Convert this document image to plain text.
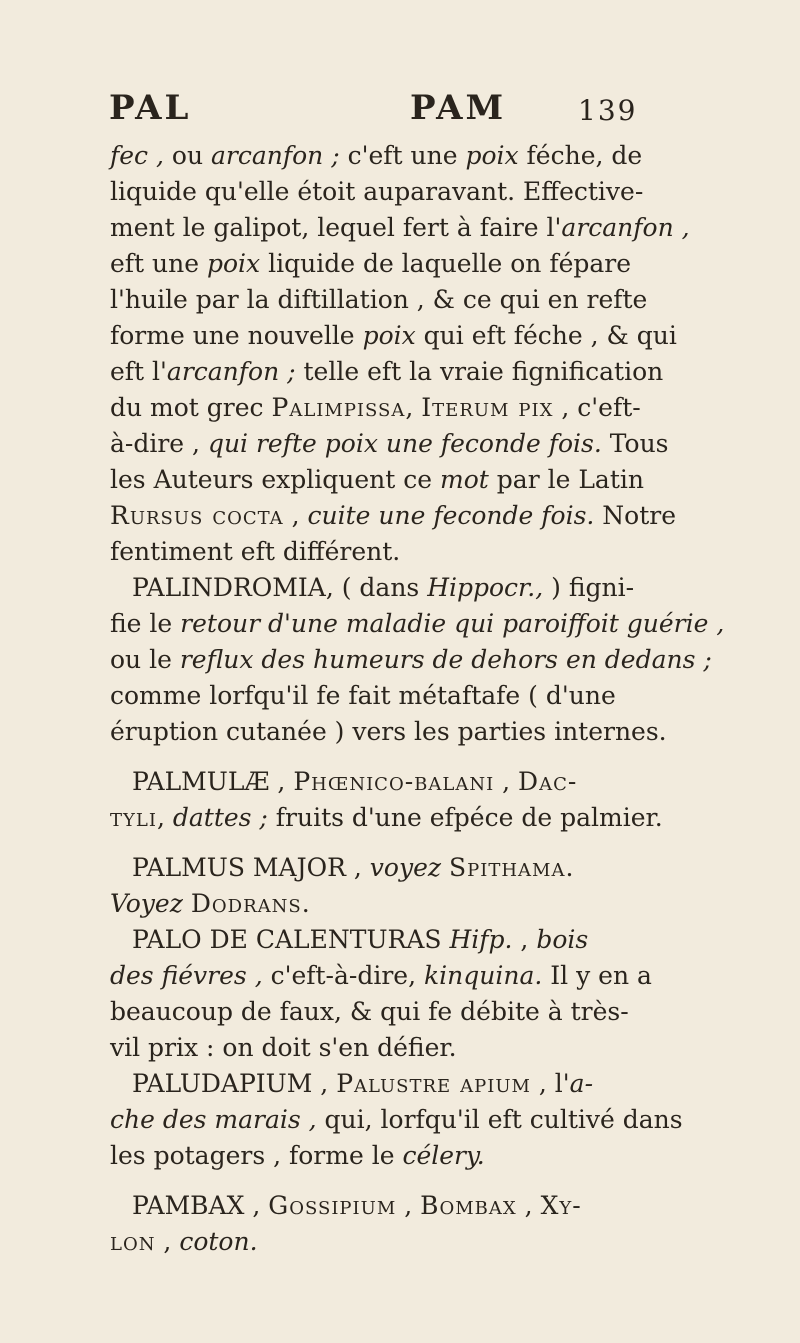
PAL	PAM	139
fec , ou arcanfon ; c'eft une poix féche, de
liquide qu'elle étoit auparavant. Effective-
ment le galipot, lequel fert à faire l'arcanfon ,
eft une poix liquide de laquelle on fépare
l'huile par la diftillation , & ce qui en refte
forme une nouvelle poix qui eft féche , & qui
eft l'arcanfon ; telle eft la vraie fignification
du mot grec Palimpissa, Iterum pix , c'eft-
à-dire , qui refte poix une feconde fois. Tous
les Auteurs expliquent ce mot par le Latin
Rursus cocta , cuite une feconde fois. Notre
fentiment eft différent.
PALINDROMIA, ( dans Hippocr., ) figni-
fie le retour d'une maladie qui paroiffoit guérie ,
ou le reflux des humeurs de dehors en dedans ;
comme lorfqu'il fe fait métaftafe ( d'une
éruption cutanée ) vers les parties internes.
PALMULÆ , Phœnico-balani , Dac-
tyli, dattes ; fruits d'une efpéce de palmier.
PALMUS MAJOR , voyez Spithama.
Voyez Dodrans.
PALO DE CALENTURAS Hifp. , bois
des fiévres , c'eft-à-dire, kinquina. Il y en a
beaucoup de faux, & qui fe débite à très-
vil prix : on doit s'en défier.
PALUDAPIUM , Palustre apium , l'a-
che des marais , qui, lorfqu'il eft cultivé dans
les potagers , forme le célery.
PAMBAX , Gossipium , Bombax , Xy-
lon , coton.
